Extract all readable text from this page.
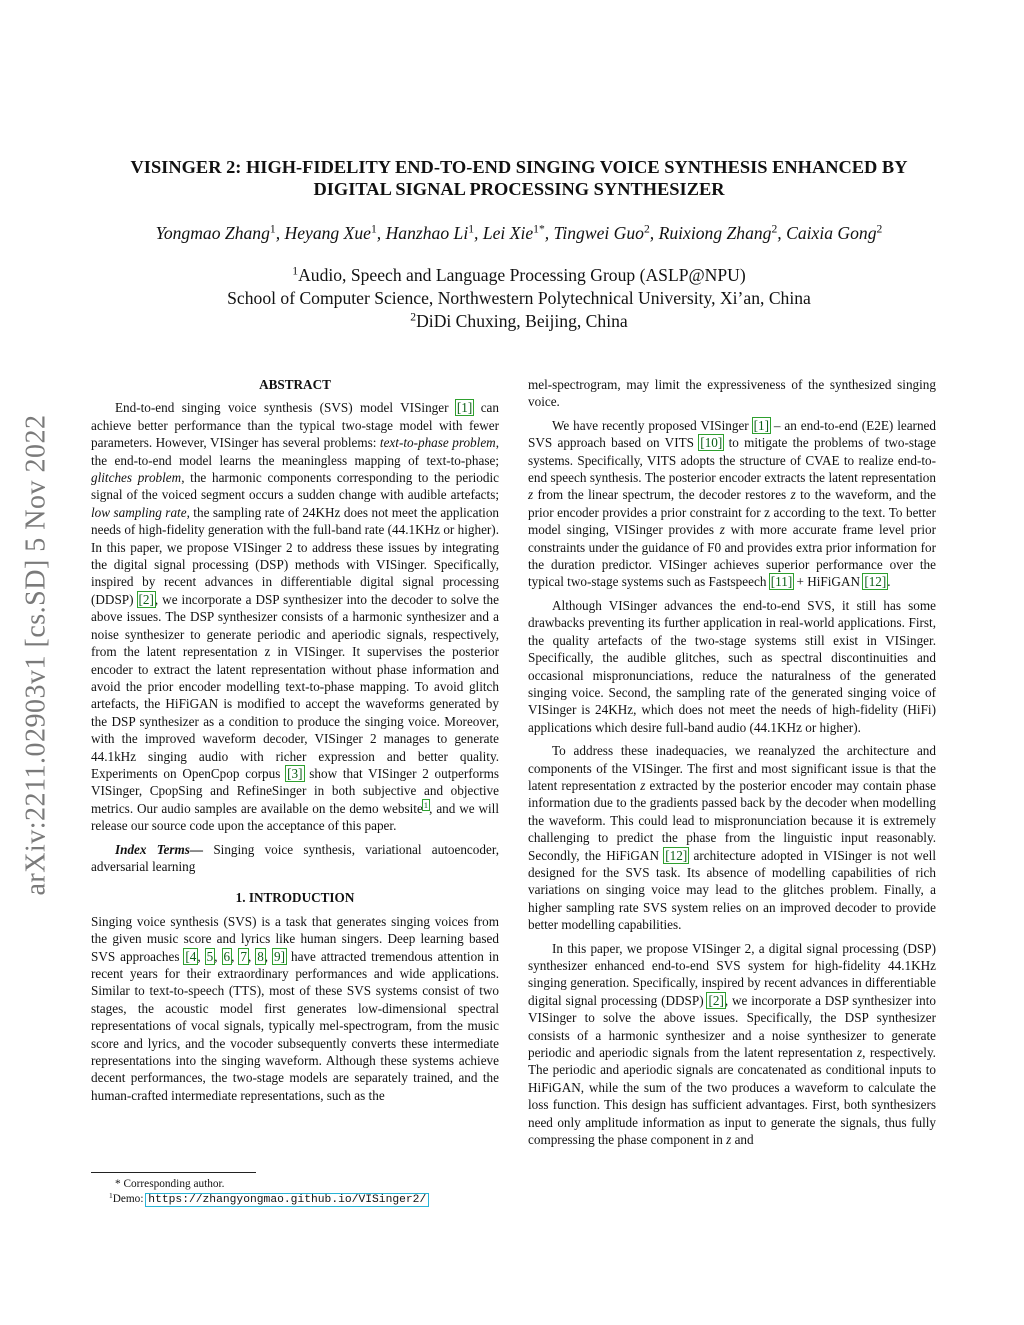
arXiv:2211.02903v1 [cs.SD] 5 Nov 2022
VISINGER 2: HIGH-FIDELITY END-TO-END SINGING VOICE SYNTHESIS ENHANCED BY DIGITAL SIGNAL PROCESSING SYNTHESIZER
Yongmao Zhang$^1$, Heyang Xue$^1$, Hanzhao Li$^1$, Lei Xie$^{1*}$, Tingwei Guo$^2$, Ruixiong Zhang$^2$, Caixia Gong$^2$
$^1$Audio, Speech and Language Processing Group (ASLP@NPU)
School of Computer Science, Northwestern Polytechnical University, Xi’an, China
$^2$DiDi Chuxing, Beijing, China
ABSTRACT

End-to-end singing voice synthesis (SVS) model VISinger [1] can achieve better performance than the typical two-stage model with fewer parameters. However, VISinger has several problems: text-to-phase problem, the end-to-end model learns the meaningless mapping of text-to-phase; glitches problem, the harmonic components corresponding to the periodic signal of the voiced segment occurs a sudden change with audible artefacts; low sampling rate, the sampling rate of 24KHz does not meet the application needs of high-fidelity generation with the full-band rate (44.1KHz or higher). In this paper, we propose VISinger 2 to address these issues by integrating the digital signal processing (DSP) methods with VISinger. Specifically, inspired by recent advances in differentiable digital signal processing (DDSP) [2], we incorporate a DSP synthesizer into the decoder to solve the above issues. The DSP synthesizer consists of a harmonic synthesizer and a noise synthesizer to generate periodic and aperiodic signals, respectively, from the latent representation z in VISinger. It supervises the posterior encoder to extract the latent representation without phase information and avoid the prior encoder modelling text-to-phase mapping. To avoid glitch artefacts, the HiFiGAN is modified to accept the waveforms generated by the DSP synthesizer as a condition to produce the singing voice. Moreover, with the improved waveform decoder, VISinger 2 manages to generate 44.1kHz singing audio with richer expression and better quality. Experiments on OpenCpop corpus [3] show that VISinger 2 outperforms VISinger, CpopSing and RefineSinger in both subjective and objective metrics. Our audio samples are available on the demo website$^1$, and we will release our source code upon the acceptance of this paper.

Index Terms— Singing voice synthesis, variational autoencoder, adversarial learning

1. INTRODUCTION

Singing voice synthesis (SVS) is a task that generates singing voices from the given music score and lyrics like human singers. Deep learning based SVS approaches [4, 5, 6, 7, 8, 9] have attracted tremendous attention in recent years for their extraordinary performances and wide applications. Similar to text-to-speech (TTS), most of these SVS systems consist of two stages, the acoustic model first generates low-dimensional spectral representations of vocal signals, typically mel-spectrogram, from the music score and lyrics, and the vocoder subsequently converts these intermediate representations into the singing waveform. Although these systems achieve decent performances, the two-stage models are separately trained, and the human-crafted intermediate representations, such as the

* Corresponding author.
$^1$Demo: https://zhangyongmao.github.io/VISinger2/

mel-spectrogram, may limit the expressiveness of the synthesized singing voice.

We have recently proposed VISinger [1] – an end-to-end (E2E) learned SVS approach based on VITS [10] to mitigate the problems of two-stage systems. Specifically, VITS adopts the structure of CVAE to realize end-to-end speech synthesis. The posterior encoder extracts the latent representation z from the linear spectrum, the decoder restores z to the waveform, and the prior encoder provides a prior constraint for z according to the text. To better model singing, VISinger provides z with more accurate frame level prior constraints under the guidance of F0 and provides extra prior information for the duration predictor. VISinger achieves superior performance over the typical two-stage systems such as Fastspeech [11] + HiFiGAN [12].

Although VISinger advances the end-to-end SVS, it still has some drawbacks preventing its further application in real-world applications. First, the quality artefacts of the two-stage systems still exist in VISinger. Specifically, the audible glitches, such as spectral discontinuities and occasional mispronunciations, reduce the naturalness of the generated singing voice. Second, the sampling rate of the generated singing voice of VISinger is 24KHz, which does not meet the needs of high-fidelity (HiFi) applications which desire full-band audio (44.1KHz or higher).

To address these inadequacies, we reanalyzed the architecture and components of the VISinger. The first and most significant issue is that the latent representation z extracted by the posterior encoder may contain phase information due to the gradients passed back by the decoder when modelling the waveform. This could lead to mispronunciation because it is extremely challenging to predict the phase from the linguistic input reasonably. Secondly, the HiFiGAN [12] architecture adopted in VISinger is not well designed for the SVS task. Its absence of modelling capabilities of rich variations on singing voice may lead to the glitches problem. Finally, a higher sampling rate SVS system relies on an improved decoder to provide better modelling capabilities.

In this paper, we propose VISinger 2, a digital signal processing (DSP) synthesizer enhanced end-to-end SVS system for high-fidelity 44.1KHz singing generation. Specifically, inspired by recent advances in differentiable digital signal processing (DDSP) [2], we incorporate a DSP synthesizer into VISinger to solve the above issues. Specifically, the DSP synthesizer consists of a harmonic synthesizer and a noise synthesizer to generate periodic and aperiodic signals from the latent representation z, respectively. The periodic and aperiodic signals are concatenated as conditional inputs to HiFiGAN, while the sum of the two produces a waveform to calculate the loss function. This design has sufficient advantages. First, both synthesizers need only amplitude information as input to generate the signals, thus fully compressing the phase component in z and
